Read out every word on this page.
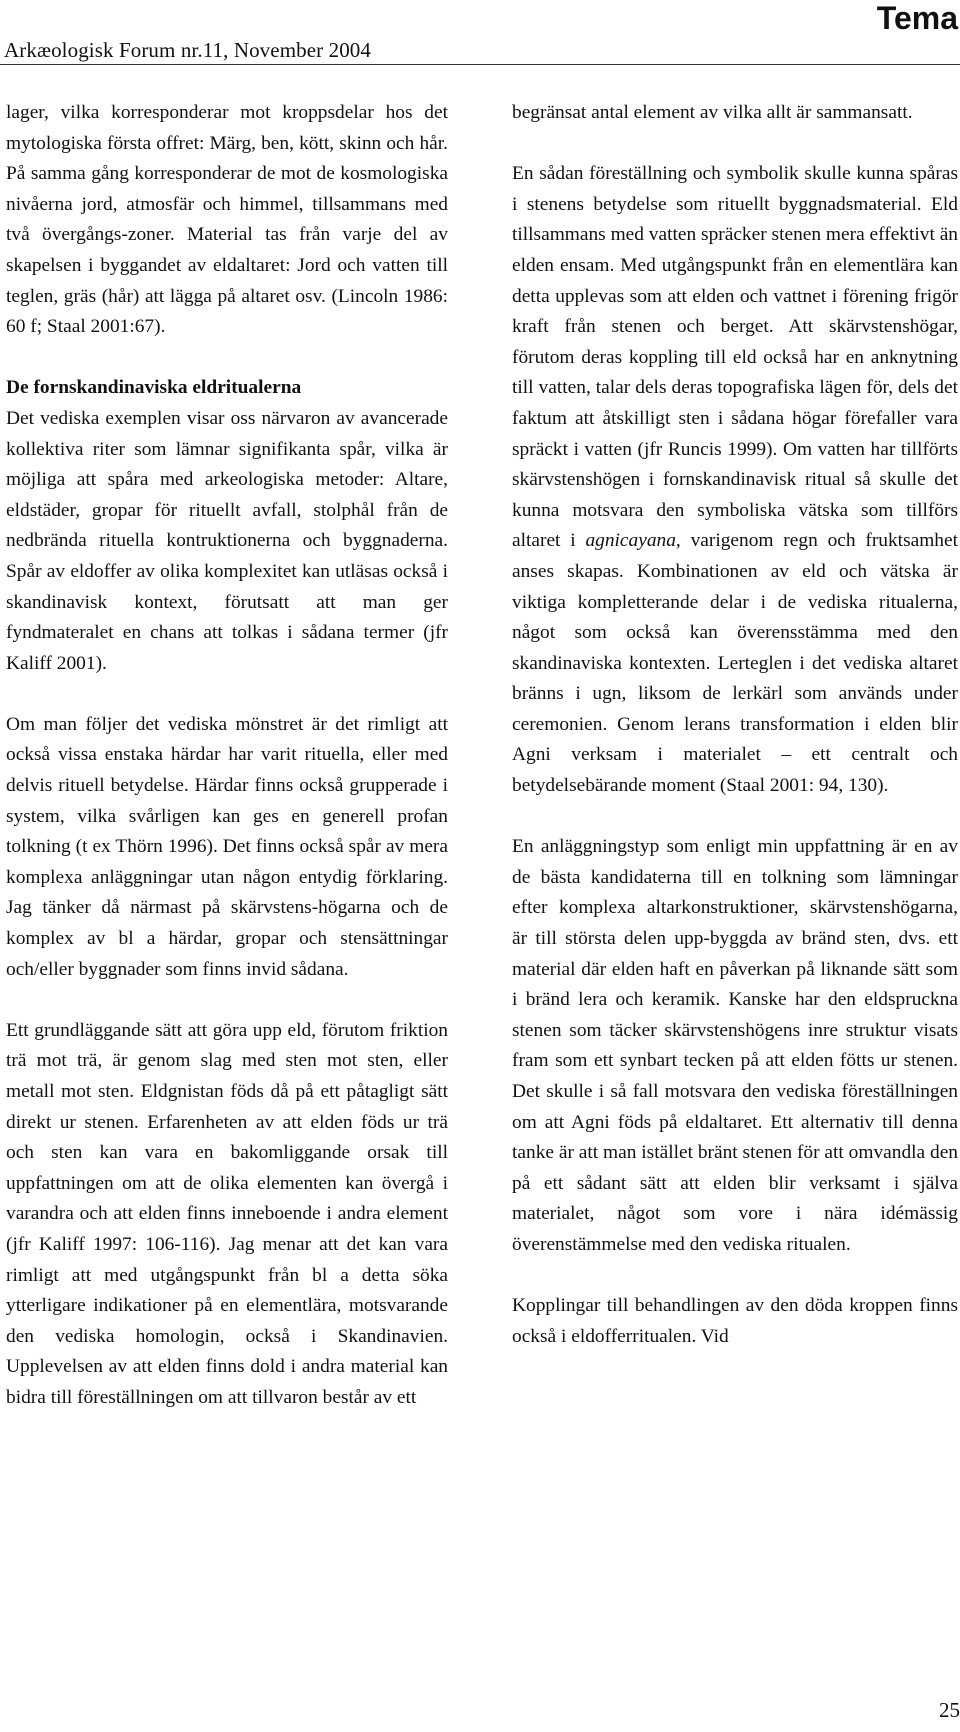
Arkæologisk Forum nr.11, November 2004
Tema

lager, vilka korresponderar mot kroppsdelar hos det mytologiska första offret: Märg, ben, kött, skinn och hår. På samma gång korresponderar de mot de kosmologiska nivåerna jord, atmosfär och himmel, tillsammans med två övergångs-zoner. Material tas från varje del av skapelsen i byggandet av eldaltaret: Jord och vatten till teglen, gräs (hår) att lägga på altaret osv. (Lincoln 1986: 60 f; Staal 2001:67).

De fornskandinaviska eldritualerna

Det vediska exemplen visar oss närvaron av avancerade kollektiva riter som lämnar signifikanta spår, vilka är möjliga att spåra med arkeologiska metoder: Altare, eldstäder, gropar för rituellt avfall, stolphål från de nedbrända rituella kontruktionerna och byggnaderna. Spår av eldoffer av olika komplexitet kan utläsas också i skandinavisk kontext, förutsatt att man ger fyndmateralet en chans att tolkas i sådana termer (jfr Kaliff 2001).

Om man följer det vediska mönstret är det rimligt att också vissa enstaka härdar har varit rituella, eller med delvis rituell betydelse. Härdar finns också grupperade i system, vilka svårligen kan ges en generell profan tolkning (t ex Thörn 1996). Det finns också spår av mera komplexa anläggningar utan någon entydig förklaring. Jag tänker då närmast på skärvstens-högarna och de komplex av bl a härdar, gropar och stensättningar och/eller byggnader som finns invid sådana.

Ett grundläggande sätt att göra upp eld, förutom friktion trä mot trä, är genom slag med sten mot sten, eller metall mot sten. Eldgnistan föds då på ett påtagligt sätt direkt ur stenen. Erfarenheten av att elden föds ur trä och sten kan vara en bakomliggande orsak till uppfattningen om att de olika elementen kan övergå i varandra och att elden finns inneboende i andra element (jfr Kaliff 1997: 106-116). Jag menar att det kan vara rimligt att med utgångspunkt från bl a detta söka ytterligare indikationer på en elementlära, motsvarande den vediska homologin, också i Skandinavien. Upplevelsen av att elden finns dold i andra material kan bidra till föreställningen om att tillvaron består av ett

begränsat antal element av vilka allt är sammansatt.

En sådan föreställning och symbolik skulle kunna spåras i stenens betydelse som rituellt byggnadsmaterial. Eld tillsammans med vatten spräcker stenen mera effektivt än elden ensam. Med utgångspunkt från en elementlära kan detta upplevas som att elden och vattnet i förening frigör kraft från stenen och berget. Att skärvstenshögar, förutom deras koppling till eld också har en anknytning till vatten, talar dels deras topografiska lägen för, dels det faktum att åtskilligt sten i sådana högar förefaller vara spräckt i vatten (jfr Runcis 1999). Om vatten har tillförts skärvstenshögen i fornskandinavisk ritual så skulle det kunna motsvara den symboliska vätska som tillförs altaret i agnicayana, varigenom regn och fruktsamhet anses skapas. Kombinationen av eld och vätska är viktiga kompletterande delar i de vediska ritualerna, något som också kan överensstämma med den skandinaviska kontexten. Lerteglen i det vediska altaret bränns i ugn, liksom de lerkärl som används under ceremonien. Genom lerans transformation i elden blir Agni verksam i materialet – ett centralt och betydelsebärande moment (Staal 2001: 94, 130).

En anläggningstyp som enligt min uppfattning är en av de bästa kandidaterna till en tolkning som lämningar efter komplexa altarkonstruktioner, skärvstenshögarna, är till största delen upp-byggda av bränd sten, dvs. ett material där elden haft en påverkan på liknande sätt som i bränd lera och keramik. Kanske har den eldspruckna stenen som täcker skärvstenshögens inre struktur visats fram som ett synbart tecken på att elden fötts ur stenen. Det skulle i så fall motsvara den vediska föreställningen om att Agni föds på eldaltaret. Ett alternativ till denna tanke är att man istället bränt stenen för att omvandla den på ett sådant sätt att elden blir verksamt i själva materialet, något som vore i nära idémässig överenstämmelse med den vediska ritualen.

Kopplingar till behandlingen av den döda kroppen finns också i eldofferritualen. Vid

25
